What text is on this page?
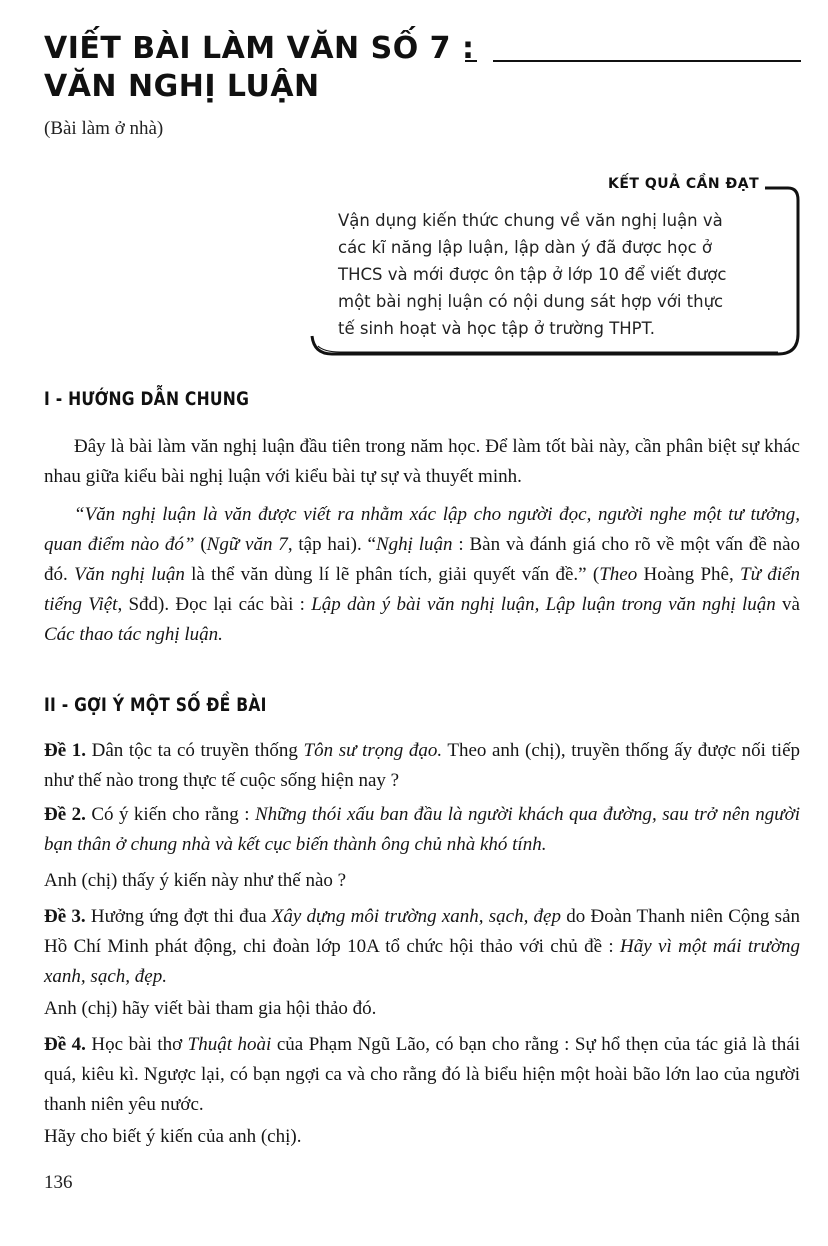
VIẾT BÀI LÀM VĂN SỐ 7 :
VĂN NGHỊ LUẬN
(Bài làm ở nhà)
KẾT QUẢ CẦN ĐẠT
Vận dụng kiến thức chung về văn nghị luận và
các kĩ năng lập luận, lập dàn ý đã được học ở
THCS và mới được ôn tập ở lớp 10 để viết được
một bài nghị luận có nội dung sát hợp với thực
tế sinh hoạt và học tập ở trường THPT.
I - HƯỚNG DẪN CHUNG
Đây là bài làm văn nghị luận đầu tiên trong năm học. Để làm tốt bài này, cần phân biệt sự khác nhau giữa kiểu bài nghị luận với kiểu bài tự sự và thuyết minh.
“Văn nghị luận là văn được viết ra nhằm xác lập cho người đọc, người nghe một tư tưởng, quan điểm nào đó” (Ngữ văn 7, tập hai). “Nghị luận : Bàn và đánh giá cho rõ về một vấn đề nào đó. Văn nghị luận là thể văn dùng lí lẽ phân tích, giải quyết vấn đề.” (Theo Hoàng Phê, Từ điển tiếng Việt, Sđd). Đọc lại các bài : Lập dàn ý bài văn nghị luận, Lập luận trong văn nghị luận và Các thao tác nghị luận.
II - GỢI Ý MỘT SỐ ĐỀ BÀI
Đề 1. Dân tộc ta có truyền thống Tôn sư trọng đạo. Theo anh (chị), truyền thống ấy được nối tiếp như thế nào trong thực tế cuộc sống hiện nay ?
Đề 2. Có ý kiến cho rằng : Những thói xấu ban đầu là người khách qua đường, sau trở nên người bạn thân ở chung nhà và kết cục biến thành ông chủ nhà khó tính.
Anh (chị) thấy ý kiến này như thế nào ?
Đề 3. Hưởng ứng đợt thi đua Xây dựng môi trường xanh, sạch, đẹp do Đoàn Thanh niên Cộng sản Hồ Chí Minh phát động, chi đoàn lớp 10A tổ chức hội thảo với chủ đề : Hãy vì một mái trường xanh, sạch, đẹp.
Anh (chị) hãy viết bài tham gia hội thảo đó.
Đề 4. Học bài thơ Thuật hoài của Phạm Ngũ Lão, có bạn cho rằng : Sự hổ thẹn của tác giả là thái quá, kiêu kì. Ngược lại, có bạn ngợi ca và cho rằng đó là biểu hiện một hoài bão lớn lao của người thanh niên yêu nước.
Hãy cho biết ý kiến của anh (chị).
136
